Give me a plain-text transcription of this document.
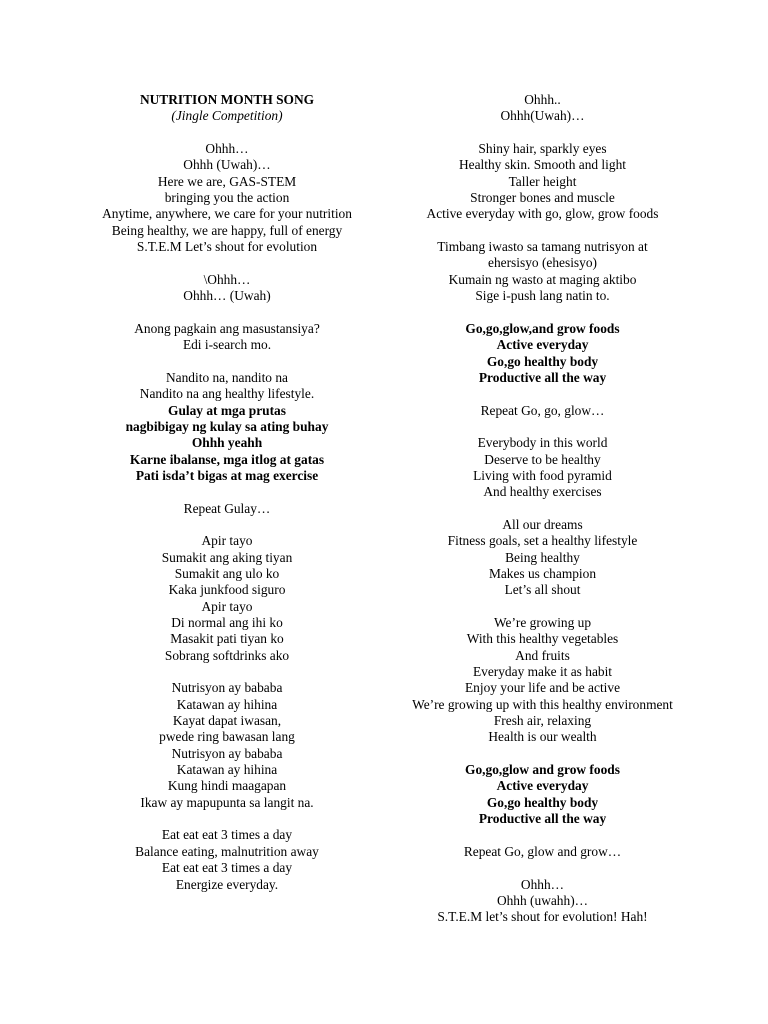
NUTRITION MONTH SONG
(Jingle Competition)
Ohhh…
Ohhh (Uwah)…
Here we are, GAS-STEM
bringing you the action
Anytime, anywhere, we care for your nutrition
Being healthy, we are happy, full of energy
S.T.E.M Let’s shout for evolution
\Ohhh…
Ohhh… (Uwah)
Anong pagkain ang masustansiya?
Edi i-search mo.
Nandito na, nandito na
Nandito na ang healthy lifestyle.
Gulay at mga prutas
nagbibigay ng kulay sa ating buhay
Ohhh yeahh
Karne ibalanse, mga itlog at gatas
Pati isda’t bigas at mag exercise
Repeat Gulay…
Apir tayo
Sumakit ang aking tiyan
Sumakit ang ulo ko
Kaka junkfood siguro
Apir tayo
Di normal ang ihi ko
Masakit pati tiyan ko
Sobrang softdrinks ako
Nutrisyon ay bababa
Katawan ay hihina
Kayat dapat iwasan,
pwede ring bawasan lang
Nutrisyon ay bababa
Katawan ay hihina
Kung hindi maagapan
Ikaw ay mapupunta sa langit na.
Eat eat eat 3 times a day
Balance eating, malnutrition away
Eat eat eat 3 times a day
Energize everyday.
Ohhh..
Ohhh(Uwah)…
Shiny hair, sparkly eyes
Healthy skin. Smooth and light
Taller height
Stronger bones and muscle
Active everyday with go, glow, grow foods
Timbang iwasto sa tamang nutrisyon at
ehersisyo (ehesisyo)
Kumain ng wasto at maging aktibo
Sige i-push lang natin to.
Go,go,glow,and grow foods
Active everyday
Go,go healthy body
Productive all the way
Repeat Go, go, glow…
Everybody in this world
Deserve to be healthy
Living with food pyramid
And healthy exercises
All our dreams
Fitness goals, set a healthy lifestyle
Being healthy
Makes us champion
Let’s all shout
We’re growing up
With this healthy vegetables
And fruits
Everyday make it as habit
Enjoy your life and be active
We’re growing up with this healthy environment
Fresh air, relaxing
Health is our wealth
Go,go,glow and grow foods
Active everyday
Go,go healthy body
Productive all the way
Repeat Go, glow and grow…
Ohhh…
Ohhh (uwahh)…
S.T.E.M let’s shout for evolution! Hah!
